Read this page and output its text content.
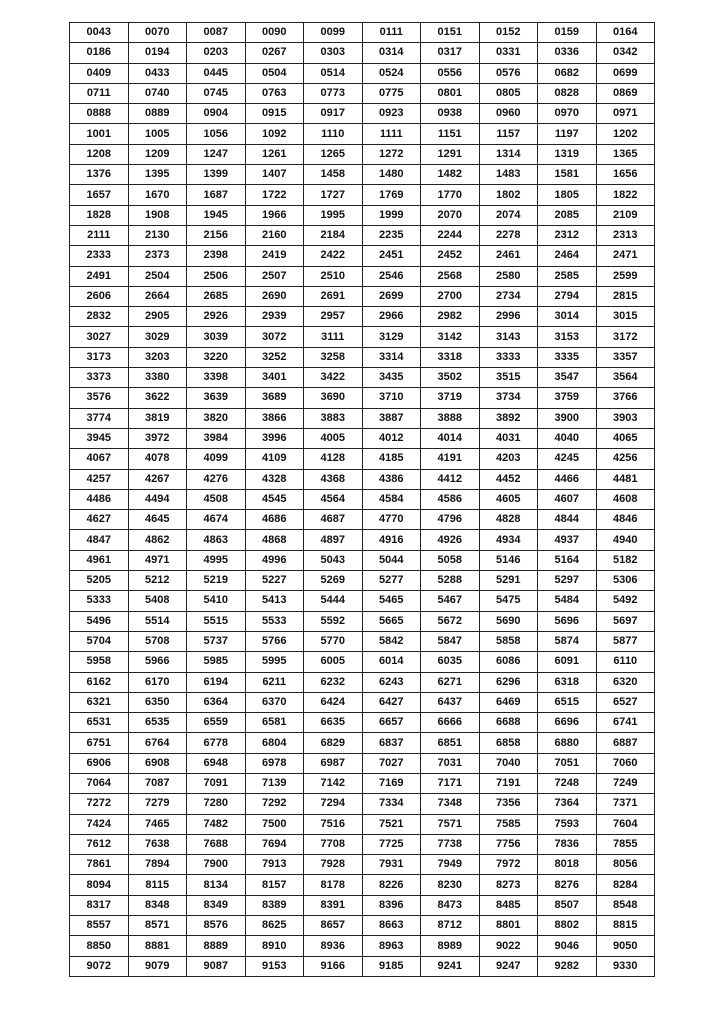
0043	0070	0087	0090	0099	0111	0151	0152	0159	0164
0186	0194	0203	0267	0303	0314	0317	0331	0336	0342
0409	0433	0445	0504	0514	0524	0556	0576	0682	0699
0711	0740	0745	0763	0773	0775	0801	0805	0828	0869
0888	0889	0904	0915	0917	0923	0938	0960	0970	0971
1001	1005	1056	1092	1110	1111	1151	1157	1197	1202
1208	1209	1247	1261	1265	1272	1291	1314	1319	1365
1376	1395	1399	1407	1458	1480	1482	1483	1581	1656
1657	1670	1687	1722	1727	1769	1770	1802	1805	1822
1828	1908	1945	1966	1995	1999	2070	2074	2085	2109
2111	2130	2156	2160	2184	2235	2244	2278	2312	2313
2333	2373	2398	2419	2422	2451	2452	2461	2464	2471
2491	2504	2506	2507	2510	2546	2568	2580	2585	2599
2606	2664	2685	2690	2691	2699	2700	2734	2794	2815
2832	2905	2926	2939	2957	2966	2982	2996	3014	3015
3027	3029	3039	3072	3111	3129	3142	3143	3153	3172
3173	3203	3220	3252	3258	3314	3318	3333	3335	3357
3373	3380	3398	3401	3422	3435	3502	3515	3547	3564
3576	3622	3639	3689	3690	3710	3719	3734	3759	3766
3774	3819	3820	3866	3883	3887	3888	3892	3900	3903
3945	3972	3984	3996	4005	4012	4014	4031	4040	4065
4067	4078	4099	4109	4128	4185	4191	4203	4245	4256
4257	4267	4276	4328	4368	4386	4412	4452	4466	4481
4486	4494	4508	4545	4564	4584	4586	4605	4607	4608
4627	4645	4674	4686	4687	4770	4796	4828	4844	4846
4847	4862	4863	4868	4897	4916	4926	4934	4937	4940
4961	4971	4995	4996	5043	5044	5058	5146	5164	5182
5205	5212	5219	5227	5269	5277	5288	5291	5297	5306
5333	5408	5410	5413	5444	5465	5467	5475	5484	5492
5496	5514	5515	5533	5592	5665	5672	5690	5696	5697
5704	5708	5737	5766	5770	5842	5847	5858	5874	5877
5958	5966	5985	5995	6005	6014	6035	6086	6091	6110
6162	6170	6194	6211	6232	6243	6271	6296	6318	6320
6321	6350	6364	6370	6424	6427	6437	6469	6515	6527
6531	6535	6559	6581	6635	6657	6666	6688	6696	6741
6751	6764	6778	6804	6829	6837	6851	6858	6880	6887
6906	6908	6948	6978	6987	7027	7031	7040	7051	7060
7064	7087	7091	7139	7142	7169	7171	7191	7248	7249
7272	7279	7280	7292	7294	7334	7348	7356	7364	7371
7424	7465	7482	7500	7516	7521	7571	7585	7593	7604
7612	7638	7688	7694	7708	7725	7738	7756	7836	7855
7861	7894	7900	7913	7928	7931	7949	7972	8018	8056
8094	8115	8134	8157	8178	8226	8230	8273	8276	8284
8317	8348	8349	8389	8391	8396	8473	8485	8507	8548
8557	8571	8576	8625	8657	8663	8712	8801	8802	8815
8850	8881	8889	8910	8936	8963	8989	9022	9046	9050
9072	9079	9087	9153	9166	9185	9241	9247	9282	9330
